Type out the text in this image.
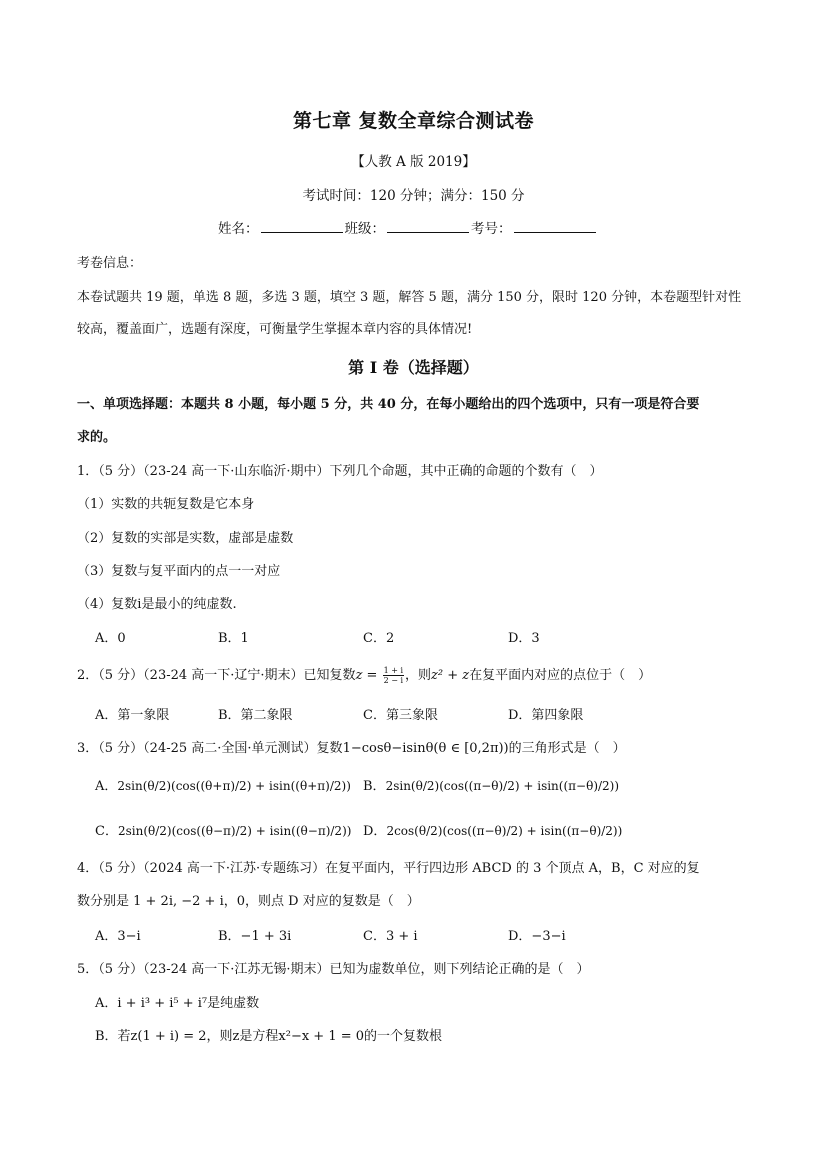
第七章 复数全章综合测试卷
【人教 A 版 2019】
考试时间：120 分钟；满分：150 分
姓名：	班级：	考号：
考卷信息：
本卷试题共 19 题，单选 8 题，多选 3 题，填空 3 题，解答 5 题，满分 150 分，限时 120 分钟，本卷题型针对性
较高，覆盖面广，选题有深度，可衡量学生掌握本章内容的具体情况!
第 I 卷（选择题）
一、单项选择题：本题共 8 小题，每小题 5 分，共 40 分，在每小题给出的四个选项中，只有一项是符合要
求的。
1．（5 分）（23-24 高一下·山东临沂·期中）下列几个命题，其中正确的命题的个数有（　）
（1）实数的共轭复数是它本身
（2）复数的实部是实数，虚部是虚数
（3）复数与复平面内的点一一对应
（4）复数i是最小的纯虚数.
A．0	B．1	C．2	D．3
2．（5 分）（23-24 高一下·辽宁·期末）已知复数$z = \frac{1 + i}{2 - i}$ ，则z² + z在复平面内对应的点位于（　）
A．第一象限	B．第二象限	C．第三象限	D．第四象限
3．（5 分）（24-25 高二·全国·单元测试）复数1−cosθ−isinθ(θ ∈ [0,2π))的三角形式是（　）
A．2sin(θ/2)(cos((θ+π)/2) + isin((θ+π)/2)) B．2sin(θ/2)(cos((π−θ)/2) + isin((π−θ)/2))
C．2sin(θ/2)(cos((θ−π)/2) + isin((θ−π)/2)) D．2cos(θ/2)(cos((π−θ)/2) + isin((π−θ)/2))
4．（5 分）（2024 高一下·江苏·专题练习）在复平面内，平行四边形 ABCD 的 3 个顶点 A，B，C 对应的复
数分别是 1 + 2i, −2 + i，0，则点 D 对应的复数是（　）
A．3−i	B．−1 + 3i	C．3 + i	D．−3−i
5．（5 分）（23-24 高一下·江苏无锡·期末）已知为虚数单位，则下列结论正确的是（　）
A．i + i³ + i⁵ + i⁷是纯虚数
B．若z(1 + i) = 2，则z是方程x²−x + 1 = 0的一个复数根
